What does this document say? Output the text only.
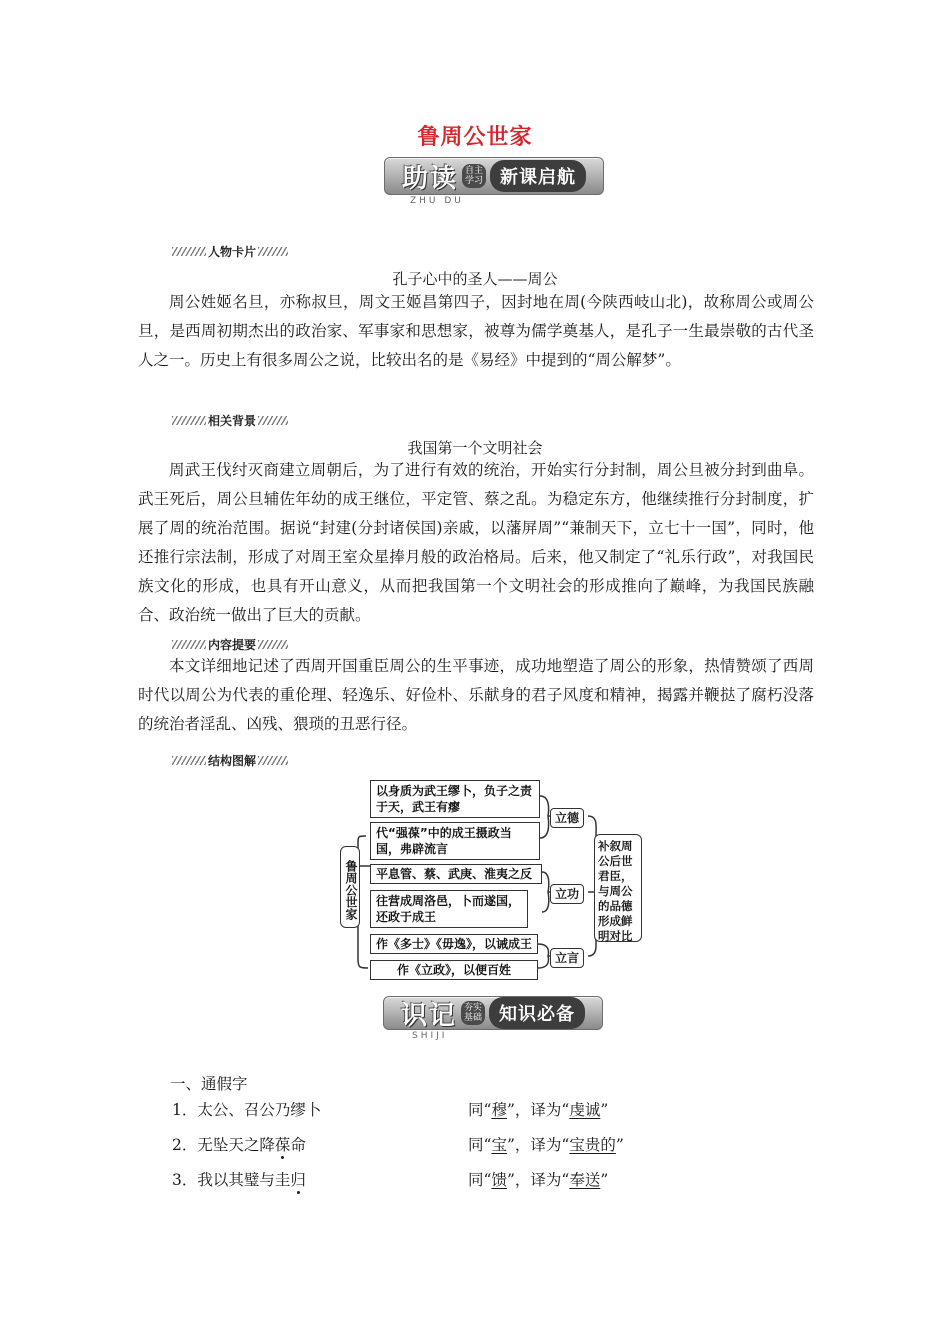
鲁周公世家
助读 自主
学习 新课启航
ZHU DU
人物卡片
孔子心中的圣人——周公
周公姓姬名旦，亦称叔旦，周文王姬昌第四子，因封地在周(今陕西岐山北)，故称周公或周公旦，是西周初期杰出的政治家、军事家和思想家，被尊为儒学奠基人，是孔子一生最崇敬的古代圣人之一。历史上有很多周公之说，比较出名的是《易经》中提到的“周公解梦”。
相关背景
我国第一个文明社会
周武王伐纣灭商建立周朝后，为了进行有效的统治，开始实行分封制，周公旦被分封到曲阜。武王死后，周公旦辅佐年幼的成王继位，平定管、蔡之乱。为稳定东方，他继续推行分封制度，扩展了周的统治范围。据说“封建(分封诸侯国)亲戚，以藩屏周”“兼制天下，立七十一国”，同时，他还推行宗法制，形成了对周王室众星捧月般的政治格局。后来，他又制定了“礼乐行政”，对我国民族文化的形成，也具有开山意义，从而把我国第一个文明社会的形成推向了巅峰，为我国民族融合、政治统一做出了巨大的贡献。
内容提要
本文详细地记述了西周开国重臣周公的生平事迹，成功地塑造了周公的形象，热情赞颂了西周时代以周公为代表的重伦理、轻逸乐、好俭朴、乐献身的君子风度和精神，揭露并鞭挞了腐朽没落的统治者淫乱、凶残、猥琐的丑恶行径。
结构图解
鲁周公世家
以身质为武王缪卜，负子之责于天，武王有瘳
代“强葆”中的成王摄政当国，弗辟流言
平息管、蔡、武庚、淮夷之反
往营成周洛邑，卜而遂国，还政于成王
作《多士》《毋逸》，以诫成王
作《立政》，以便百姓
立德
立功
立言
补叙周公后世君臣，与周公的品德形成鲜明对比
识记 夯实
基础 知识必备
SHIJI
一、通假字
1．太公、召公乃缪卜	同“穆”，译为“虔诚”
2．无坠天之降葆命	同“宝”，译为“宝贵的”
3．我以其璧与圭归	同“馈”，译为“奉送”
